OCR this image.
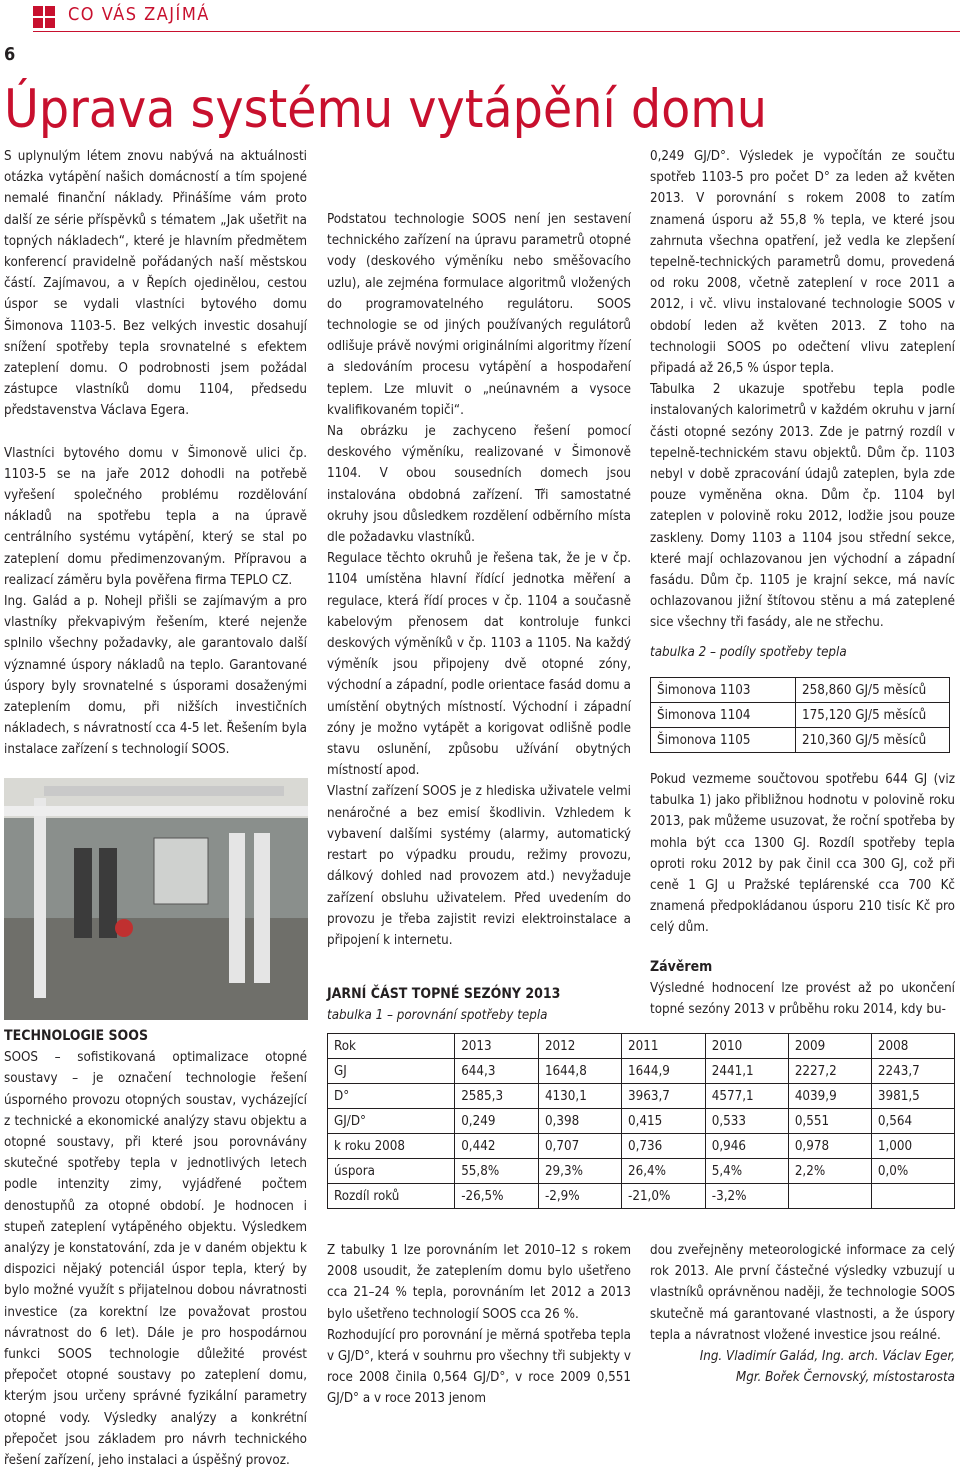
CO VÁS ZAJÍMÁ
6
Úprava systému vytápění domu

S uplynulým létem znovu nabývá na aktuálnosti otázka vytápění našich domácností a tím spojené nemalé finanční náklady. Přinášíme vám proto další ze série příspěvků s tématem „Jak ušetřit na topných nákladech“, které je hlavním předmětem konferencí pravidelně pořádaných naší městskou částí. Zajímavou, a v Řepích ojedinělou, cestou úspor se vydali vlastníci bytového domu Šimonova 1103-5. Bez velkých investic dosahují snížení spotřeby tepla srovnatelné s efektem zateplení domu. O podrobnosti jsem požádal zástupce vlastníků domu 1104, předsedu představenstva Václava Egera.

Vlastníci bytového domu v Šimonově ulici čp. 1103-5 se na jaře 2012 dohodli na potřebě vyřešení společného problému rozdělování nákladů na spotřebu tepla a na úpravě centrálního systému vytápění, který se stal po zateplení domu předimenzovaným. Přípravou a realizací záměru byla pověřena firma TEPLO CZ.

Ing. Galád a p. Nohejl přišli se zajímavým a pro vlastníky překvapivým řešením, které nejenže splnilo všechny požadavky, ale garantovalo další významné úspory nákladů na teplo. Garantované úspory byly srovnatelné s úsporami dosaženými zateplením domu, při nižších investičních nákladech, s návratností cca 4-5 let. Řešením byla instalace zařízení s technologií SOOS.

TECHNOLOGIE SOOS

SOOS – sofistikovaná optimalizace otopné soustavy – je označení technologie řešení úsporného provozu otopných soustav, vycházející z technické a ekonomické analýzy stavu objektu a otopné soustavy, při které jsou porovnávány skutečné spotřeby tepla v jednotlivých letech podle intenzity zimy, vyjádřené počtem denostupňů za otopné období. Je hodnocen i stupeň zateplení vytápěného objektu. Výsledkem analýzy je konstatování, zda je v daném objektu k dispozici nějaký potenciál úspor tepla, který by bylo možné využít s přijatelnou dobou návratnosti investice (za korektní lze považovat prostou návratnost do 6 let). Dále je pro hospodárnou funkci SOOS technologie důležité provést přepočet otopné soustavy po zateplení domu, kterým jsou určeny správné fyzikální parametry otopné vody. Výsledky analýzy a konkrétní přepočet jsou základem pro návrh technického řešení zařízení, jeho instalaci a úspěšný provoz.

Podstatou technologie SOOS není jen sestavení technického zařízení na úpravu parametrů otopné vody (deskového výměníku nebo směšovacího uzlu), ale zejména formulace algoritmů vložených do programovatelného regulátoru. SOOS technologie se od jiných používaných regulátorů odlišuje právě novými originálními algoritmy řízení a sledováním procesu vytápění a hospodaření teplem. Lze mluvit o „neúnavném a vysoce kvalifikovaném topiči“.

Na obrázku je zachyceno řešení pomocí deskového výměníku, realizované v Šimonově 1104. V obou sousedních domech jsou instalována obdobná zařízení. Tři samostatné okruhy jsou důsledkem rozdělení odběrního místa dle požadavku vlastníků.

Regulace těchto okruhů je řešena tak, že je v čp. 1104 umístěna hlavní řídící jednotka měření a regulace, která řídí proces v čp. 1104 a současně kabelovým přenosem dat kontroluje funkci deskových výměníků v čp. 1103 a 1105. Na každý výměník jsou připojeny dvě otopné zóny, východní a západní, podle orientace fasád domu a umístění obytných místností. Východní i západní zóny je možno vytápět a korigovat odlišně podle stavu oslunění, způsobu užívání obytných místností apod.

Vlastní zařízení SOOS je z hlediska uživatele velmi nenáročné a bez emisí škodlivin. Vzhledem k vybavení dalšími systémy (alarmy, automatický restart po výpadku proudu, režimy provozu, dálkový dohled nad provozem atd.) nevyžaduje zařízení obsluhu uživatelem. Před uvedením do provozu je třeba zajistit revizi elektroinstalace a připojení k internetu.

0,249 GJ/D°. Výsledek je vypočítán ze součtu spotřeb 1103-5 pro počet D° za leden až květen 2013. V porovnání s rokem 2008 to zatím znamená úsporu až 55,8 % tepla, ve které jsou zahrnuta všechna opatření, jež vedla ke zlepšení tepelně-technických parametrů domu, provedená od roku 2008, včetně zateplení v roce 2011 a 2012, i vč. vlivu instalované technologie SOOS v období leden až květen 2013. Z toho na technologii SOOS po odečtení vlivu zateplení připadá až 26,5 % úspor tepla.

Tabulka 2 ukazuje spotřebu tepla podle instalovaných kalorimetrů v každém okruhu v jarní části otopné sezóny 2013. Zde je patrný rozdíl v tepelně-technickém stavu objektů. Dům čp. 1103 nebyl v době zpracování údajů zateplen, byla zde pouze vyměněna okna. Dům čp. 1104 byl zateplen v polovině roku 2012, lodžie jsou pouze zaskleny. Domy 1103 a 1104 jsou střední sekce, které mají ochlazovanou jen východní a západní fasádu. Dům čp. 1105 je krajní sekce, má navíc ochlazovanou jižní štítovou stěnu a má zateplené sice všechny tři fasády, ale ne střechu.

tabulka 2 – podíly spotřeby tepla
Šimonova 1103	258,860 GJ/5 měsíců
Šimonova 1104	175,120 GJ/5 měsíců
Šimonova 1105	210,360 GJ/5 měsíců

Pokud vezmeme součtovou spotřebu 644 GJ (viz tabulka 1) jako přibližnou hodnotu v polovině roku 2013, pak můžeme usuzovat, že roční spotřeba by mohla být cca 1300 GJ. Rozdíl spotřeby tepla oproti roku 2012 by pak činil cca 300 GJ, což při ceně 1 GJ u Pražské teplárenské cca 700 Kč znamená předpokládanou úsporu 210 tisíc Kč pro celý dům.

Závěrem

Výsledné hodnocení lze provést až po ukončení topné sezóny 2013 v průběhu roku 2014, kdy bu-

JARNÍ ČÁST TOPNÉ SEZÓNY 2013
tabulka 1 – porovnání spotřeby tepla
Rok	2013	2012	2011	2010	2009	2008
GJ	644,3	1644,8	1644,9	2441,1	2227,2	2243,7
D°	2585,3	4130,1	3963,7	4577,1	4039,9	3981,5
GJ/D°	0,249	0,398	0,415	0,533	0,551	0,564
k roku 2008	0,442	0,707	0,736	0,946	0,978	1,000
úspora	55,8%	29,3%	26,4%	5,4%	2,2%	0,0%
Rozdíl roků	-26,5%	-2,9%	-21,0%	-3,2%		

Z tabulky 1 lze porovnáním let 2010–12 s rokem 2008 usoudit, že zateplením domu bylo ušetřeno cca 21–24 % tepla, porovnáním let 2012 a 2013 bylo ušetřeno technologií SOOS cca 26 %.

Rozhodující pro porovnání je měrná spotřeba tepla v GJ/D°, která v souhrnu pro všechny tři subjekty v roce 2008 činila 0,564 GJ/D°, v roce 2009 0,551 GJ/D° a v roce 2013 jenom

dou zveřejněny meteorologické informace za celý rok 2013. Ale první částečné výsledky vzbuzují u vlastníků oprávněnou naději, že technologie SOOS skutečně má garantované vlastnosti, a že úspory tepla a návratnost vložené investice jsou reálné.

Ing. Vladimír Galád, Ing. arch. Václav Eger,
Mgr. Bořek Černovský, místostarosta
